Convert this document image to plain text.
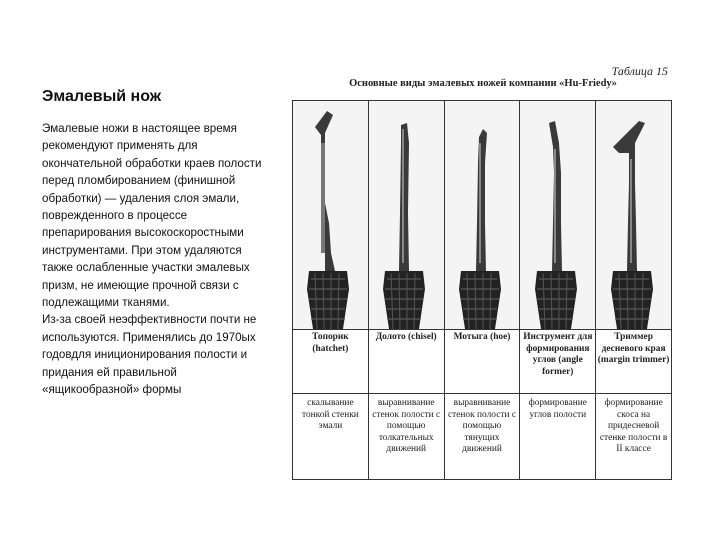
Эмалевый нож

Эмалевые ножи в настоящее время рекомендуют применять для окончательной обработки краев полости перед пломбированием (финишной обработки) — удаления слоя эмали, поврежденного в процессе препарирования высокоскоростными инструментами. При этом удаляются также ослабленные участки эмалевых призм, не имеющие прочной связи с подлежащими тканями.

Из-за своей неэффективности почти не используются. Применялись до 1970ых годовдля иниционирования полости и придания ей правильной «ящикообразной» формы

Таблица 15
Основные виды эмалевых ножей компании «Hu-Friedy»

Топорик (hatchet)	Долото (chisel)	Мотыга (hoe)	Инструмент для формирования углов (angle former)	Триммер десневого края (margin trimmer)
скалывание тонкой стенки эмали	выравнивание стенок полости с помощью толкательных движений	выравнивание стенок полости с помощью тянущих движений	формирование углов полости	формирование скоса на придесневой стенке полости в II классе
